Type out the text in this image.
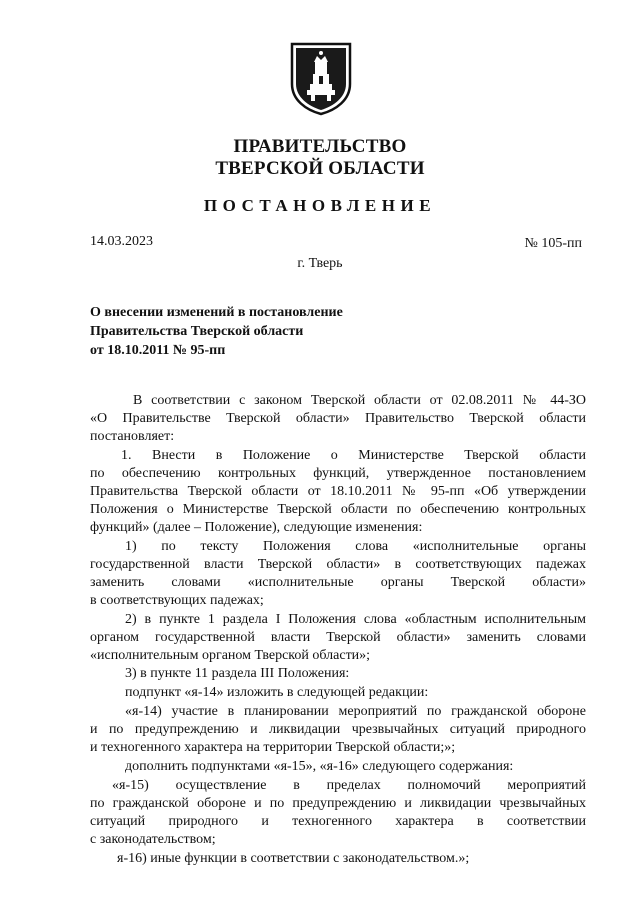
ПРАВИТЕЛЬСТВО
ТВЕРСКОЙ ОБЛАСТИ
ПОСТАНОВЛЕНИЕ
14.03.2023	№ 105-пп
г. Тверь
О внесении изменений в постановление
Правительства Тверской области
от 18.10.2011 № 95-пп
В соответствии с законом Тверской области от 02.08.2011 № 44-ЗО
«О Правительстве Тверской области» Правительство Тверской области
постановляет:
1. Внести в Положение о Министерстве Тверской области
по обеспечению контрольных функций, утвержденное постановлением
Правительства Тверской области от 18.10.2011 № 95-пп «Об утверждении
Положения о Министерстве Тверской области по обеспечению контрольных
функций» (далее – Положение), следующие изменения:
1) по тексту Положения слова «исполнительные органы
государственной власти Тверской области» в соответствующих падежах
заменить словами «исполнительные органы Тверской области»
в соответствующих падежах;
2) в пункте 1 раздела I Положения слова «областным исполнительным
органом государственной власти Тверской области» заменить словами
«исполнительным органом Тверской области»;
3) в пункте 11 раздела III Положения:
подпункт «я-14» изложить в следующей редакции:
«я-14) участие в планировании мероприятий по гражданской обороне
и по предупреждению и ликвидации чрезвычайных ситуаций природного
и техногенного характера на территории Тверской области;»;
дополнить подпунктами «я-15», «я-16» следующего содержания:
«я-15) осуществление в пределах полномочий мероприятий
по гражданской обороне и по предупреждению и ликвидации чрезвычайных
ситуаций природного и техногенного характера в соответствии
с законодательством;
я-16) иные функции в соответствии с законодательством.»;
